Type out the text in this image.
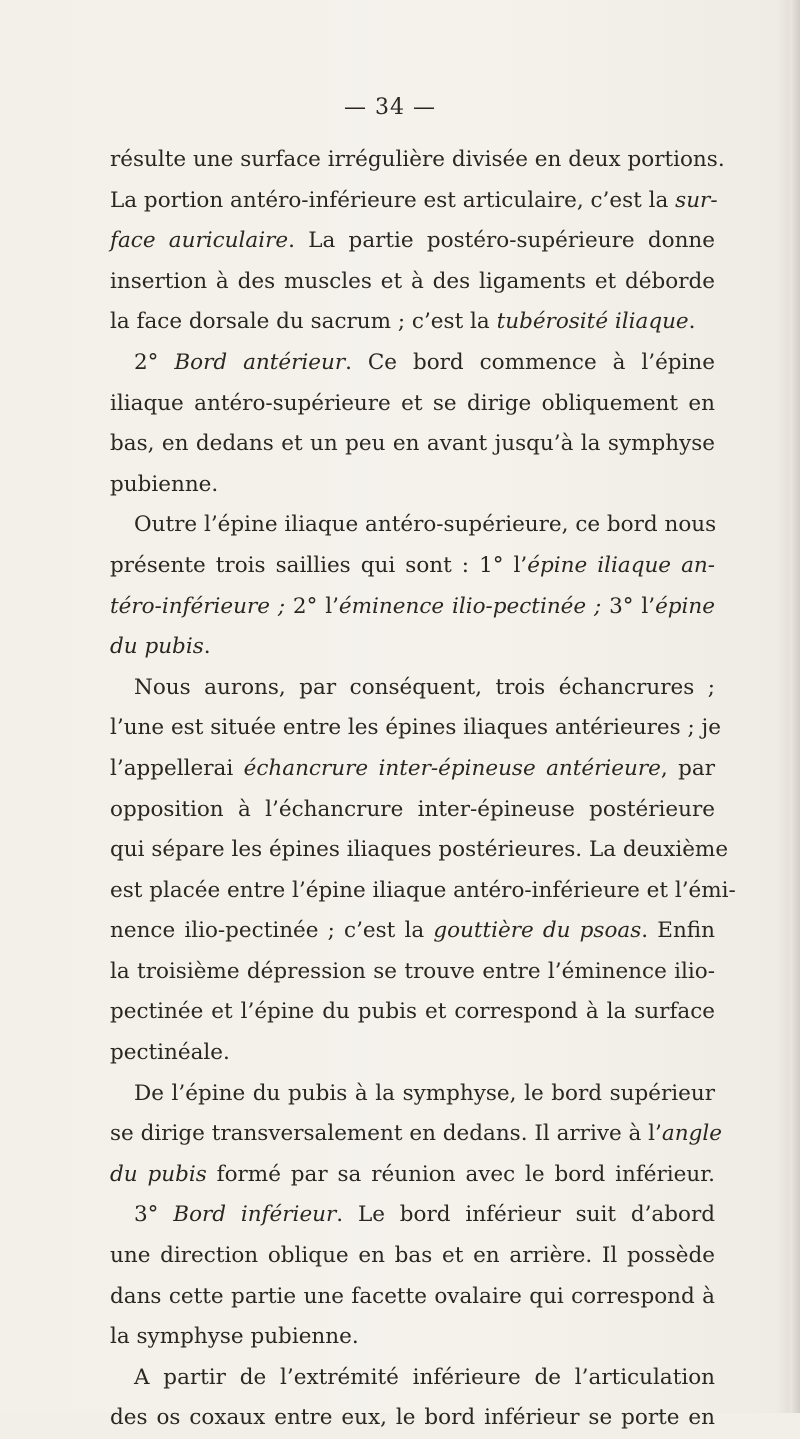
— 34 —
résulte une surface irrégulière divisée en deux portions.
La portion antéro-inférieure est articulaire, c’est la sur-
face auriculaire. La partie postéro-supérieure donne
insertion à des muscles et à des ligaments et déborde
la face dorsale du sacrum ; c’est la tubérosité iliaque.
2° Bord antérieur. Ce bord commence à l’épine
iliaque antéro-supérieure et se dirige obliquement en
bas, en dedans et un peu en avant jusqu’à la symphyse
pubienne.
Outre l’épine iliaque antéro-supérieure, ce bord nous
présente trois saillies qui sont : 1° l’épine iliaque an-
téro-inférieure ; 2° l’éminence ilio-pectinée ; 3° l’épine
du pubis.
Nous aurons, par conséquent, trois échancrures ;
l’une est située entre les épines iliaques antérieures ; je
l’appellerai échancrure inter-épineuse antérieure, par
opposition à l’échancrure inter-épineuse postérieure
qui sépare les épines iliaques postérieures. La deuxième
est placée entre l’épine iliaque antéro-inférieure et l’émi-
nence ilio-pectinée ; c’est la gouttière du psoas. Enfin
la troisième dépression se trouve entre l’éminence ilio-
pectinée et l’épine du pubis et correspond à la surface
pectinéale.
De l’épine du pubis à la symphyse, le bord supérieur
se dirige transversalement en dedans. Il arrive à l’angle
du pubis formé par sa réunion avec le bord inférieur.
3° Bord inférieur. Le bord inférieur suit d’abord
une direction oblique en bas et en arrière. Il possède
dans cette partie une facette ovalaire qui correspond à
la symphyse pubienne.
A partir de l’extrémité inférieure de l’articulation
des os coxaux entre eux, le bord inférieur se porte en
